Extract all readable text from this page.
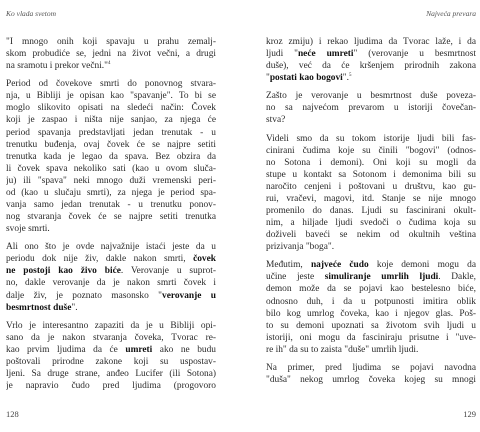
Ko vlada svetom

"I mnogo onih koji spavaju u prahu zemalj-
skom probudiće se, jedni na život večni, a drugi
na sramotu i prekor večni."$^4$

Period od čovekove smrti do ponovnog stvara-
nja, u Bibliji je opisan kao "spavanje". To bi se
moglo slikovito opisati na sledeći način: Čovek
koji je zaspao i ništa nije sanjao, za njega će
period spavanja predstavljati jedan trenutak - u
trenutku buđenja, ovaj čovek će se najpre setiti
trenutka kada je legao da spava. Bez obzira da
li čovek spava nekoliko sati (kao u ovom sluča-
ju) ili "spava" neki mnogo duži vremenski peri-
od (kao u slučaju smrti), za njega je period spa-
vanja samo jedan trenutak - u trenutku ponov-
nog stvaranja čovek će se najpre setiti trenutka
svoje smrti.

Ali ono što je ovde najvažnije istaći jeste da u
periodu dok nije živ, dakle nakon smrti, čovek
ne postoji kao živo biće. Verovanje u suprot-
no, dakle verovanje da je nakon smrti čovek i
dalje živ, je poznato masonsko "verovanje u
besmrtnost duše".

Vrlo je interesantno zapaziti da je u Bibliji opi-
sano da je nakon stvaranja čoveka, Tvorac re-
kao prvim ljudima da će umreti ako ne budu
poštovali prirodne zakone koji su uspostav-
ljeni. Sa druge strane, anđeo Lucifer (ili Sotona)
je napravio čudo pred ljudima (progovoro

128
Najveća prevara

kroz zmiju) i rekao ljudima da Tvorac laže, i da
ljudi "neće umreti" (verovanje u besmrtnost
duše), već da će kršenjem prirodnih zakona
"postati kao bogovi".$^5$

Zašto je verovanje u besmrtnost duše poveza-
no sa najvećom prevarom u istoriji čovečan-
stva?

Videli smo da su tokom istorije ljudi bili fas-
cinirani čudima koje su činili "bogovi" (odnos-
no Sotona i demoni). Oni koji su mogli da
stupe u kontakt sa Sotonom i demonima bili su
naročito cenjeni i poštovani u društvu, kao gu-
rui, vračevi, magovi, itd. Stanje se nije mnogo
promenilo do danas. Ljudi su fascinirani okult-
nim, a hiljade ljudi svedoči o čudima koja su
doživeli baveći se nekim od okultnih veština
prizivanja "boga".

Međutim, najveće čudo koje demoni mogu da
učine jeste simuliranje umrlih ljudi. Dakle,
demon može da se pojavi kao bestelesno biće,
odnosno duh, i da u potpunosti imitira oblik
bilo kog umrlog čoveka, kao i njegov glas. Poš-
to su demoni upoznati sa životom svih ljudi u
istoriji, oni mogu da fasciniraju prisutne i "uve-
re ih" da su to zaista "duše" umrlih ljudi.

Na primer, pred ljudima se pojavi navodna
"duša" nekog umrlog čoveka kojeg su mnogi

129
